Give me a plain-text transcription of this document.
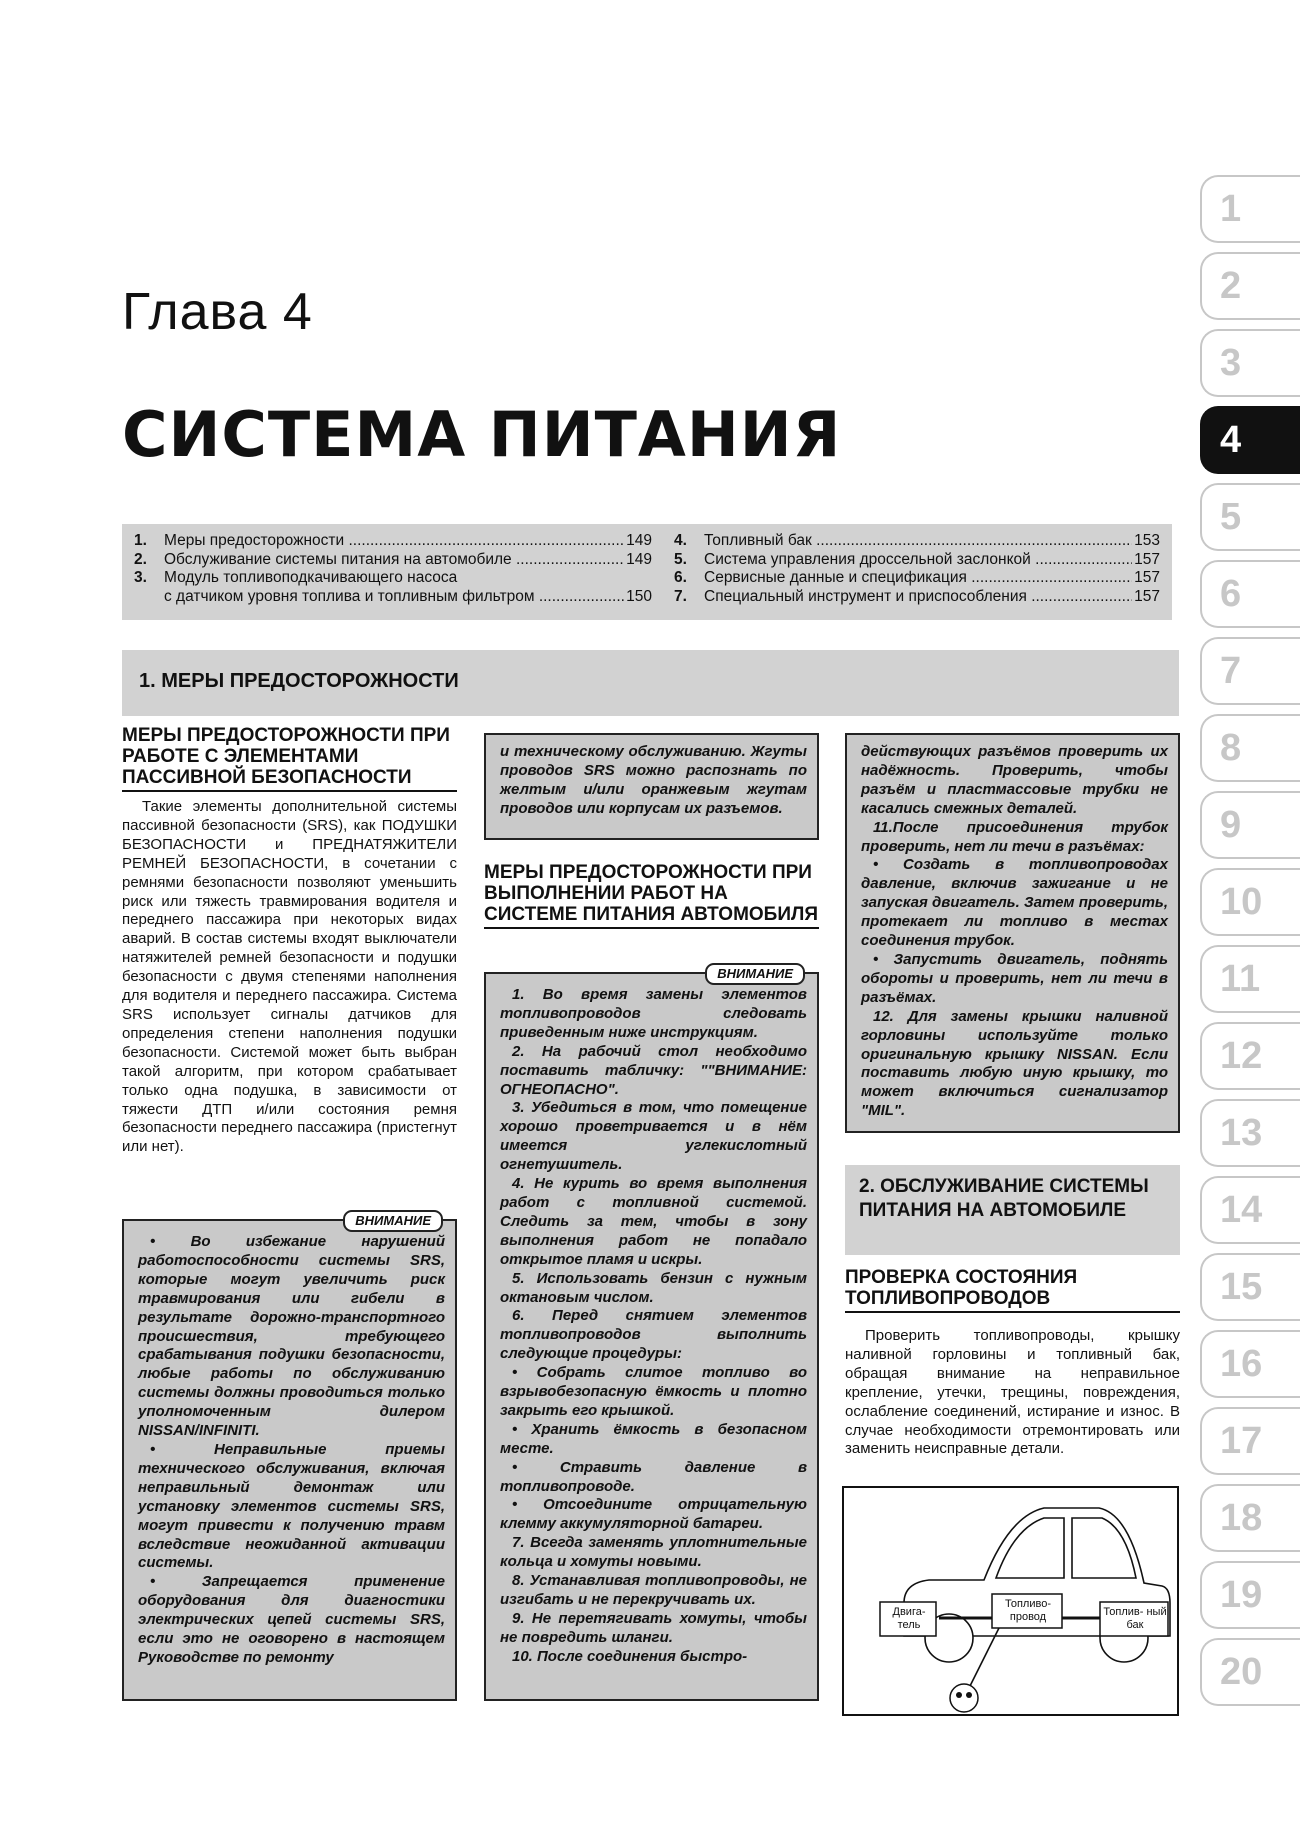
Глава 4
СИСТЕМА ПИТАНИЯ
1.	Меры предосторожности .....	149
2.	Обслуживание системы питания на автомобиле .....	149
3.	Модуль топливоподкачивающего насоса
с датчиком уровня топлива и топливным фильтром .....	150
4.	Топливный бак .....	153
5.	Система управления дроссельной заслонкой .....	157
6.	Сервисные данные и спецификация .....	157
7.	Специальный инструмент и приспособления .....	157
1. МЕРЫ ПРЕДОСТОРОЖНОСТИ
МЕРЫ ПРЕДОСТОРОЖНОСТИ ПРИ РАБОТЕ С ЭЛЕМЕНТАМИ ПАССИВНОЙ БЕЗОПАСНОСТИ

Такие элементы дополнительной системы пассивной безопасности (SRS), как ПОДУШКИ БЕЗОПАСНОСТИ и ПРЕДНАТЯЖИТЕЛИ РЕМНЕЙ БЕЗОПАСНОСТИ, в сочетании с ремнями безопасности позволяют уменьшить риск или тяжесть травмирования водителя и переднего пассажира при некоторых видах аварий. В состав системы входят выключатели натяжителей ремней безопасности и подушки безопасности с двумя степенями наполнения для водителя и переднего пассажира. Система SRS использует сигналы датчиков для определения степени наполнения подушки безопасности. Системой может быть выбран такой алгоритм, при котором срабатывает только одна подушка, в зависимости от тяжести ДТП и/или состояния ремня безопасности переднего пассажира (пристегнут или нет).

ВНИМАНИЕ

• Во избежание нарушений работоспособности системы SRS, которые могут увеличить риск травмирования или гибели в результате дорожно-транспортного происшествия, требующего срабатывания подушки безопасности, любые работы по обслуживанию системы должны проводиться только уполномоченным дилером NISSAN/INFINITI.

• Неправильные приемы технического обслуживания, включая неправильный демонтаж или установку элементов системы SRS, могут привести к получению травм вследствие неожиданной активации системы.

• Запрещается применение оборудования для диагностики электрических цепей системы SRS, если это не оговорено в настоящем Руководстве по ремонту

и техническому обслуживанию. Жгуты проводов SRS можно распознать по желтым и/или оранжевым жгутам проводов или корпусам их разъемов.

МЕРЫ ПРЕДОСТОРОЖНОСТИ ПРИ ВЫПОЛНЕНИИ РАБОТ НА СИСТЕМЕ ПИТАНИЯ АВТОМОБИЛЯ
ВНИМАНИЕ

1. Во время замены элементов топливопроводов следовать приведенным ниже инструкциям.

2. На рабочий стол необходимо поставить табличку: ""ВНИМАНИЕ: ОГНЕОПАСНО".

3. Убедиться в том, что помещение хорошо проветривается и в нём имеется углекислотный огнетушитель.

4. Не курить во время выполнения работ с топливной системой. Следить за тем, чтобы в зону выполнения работ не попадало открытое пламя и искры.

5. Использовать бензин с нужным октановым числом.

6. Перед снятием элементов топливопроводов выполнить следующие процедуры:

• Собрать слитое топливо во взрывобезопасную ёмкость и плотно закрыть его крышкой.

• Хранить ёмкость в безопасном месте.

• Стравить давление в топливопроводе.

• Отсоедините отрицательную клемму аккумуляторной батареи.

7. Всегда заменять уплотнительные кольца и хомуты новыми.

8. Устанавливая топливопроводы, не изгибать и не перекручивать их.

9. Не перетягивать хомуты, чтобы не повредить шланги.

10. После соединения быстро-

действующих разъёмов проверить их надёжность. Проверить, чтобы разъём и пластмассовые трубки не касались смежных деталей.

11.После присоединения трубок проверить, нет ли течи в разъёмах:

• Создать в топливопроводах давление, включив зажигание и не запуская двигатель. Затем проверить, протекает ли топливо в местах соединения трубок.

• Запустить двигатель, поднять обороты и проверить, нет ли течи в разъёмах.

12. Для замены крышки наливной горловины используйте только оригинальную крышку NISSAN. Если поставить любую иную крышку, то может включиться сигнализатор "MIL".

2. ОБСЛУЖИВАНИЕ СИСТЕМЫ ПИТАНИЯ НА АВТОМОБИЛЕ
ПРОВЕРКА СОСТОЯНИЯ ТОПЛИВОПРОВОДОВ

Проверить топливопроводы, крышку наливной горловины и топливный бак, обращая внимание на неправильное крепление, утечки, трещины, повреждения, ослабление соединений, истирание и износ. В случае необходимости отремонтировать или заменить неисправные детали.

Двига- тель
Топливо- провод	Топлив- ный бак
1
2
3
4
5
6
7
8
9
10
11
12
13
14
15
16
17
18
19
20
